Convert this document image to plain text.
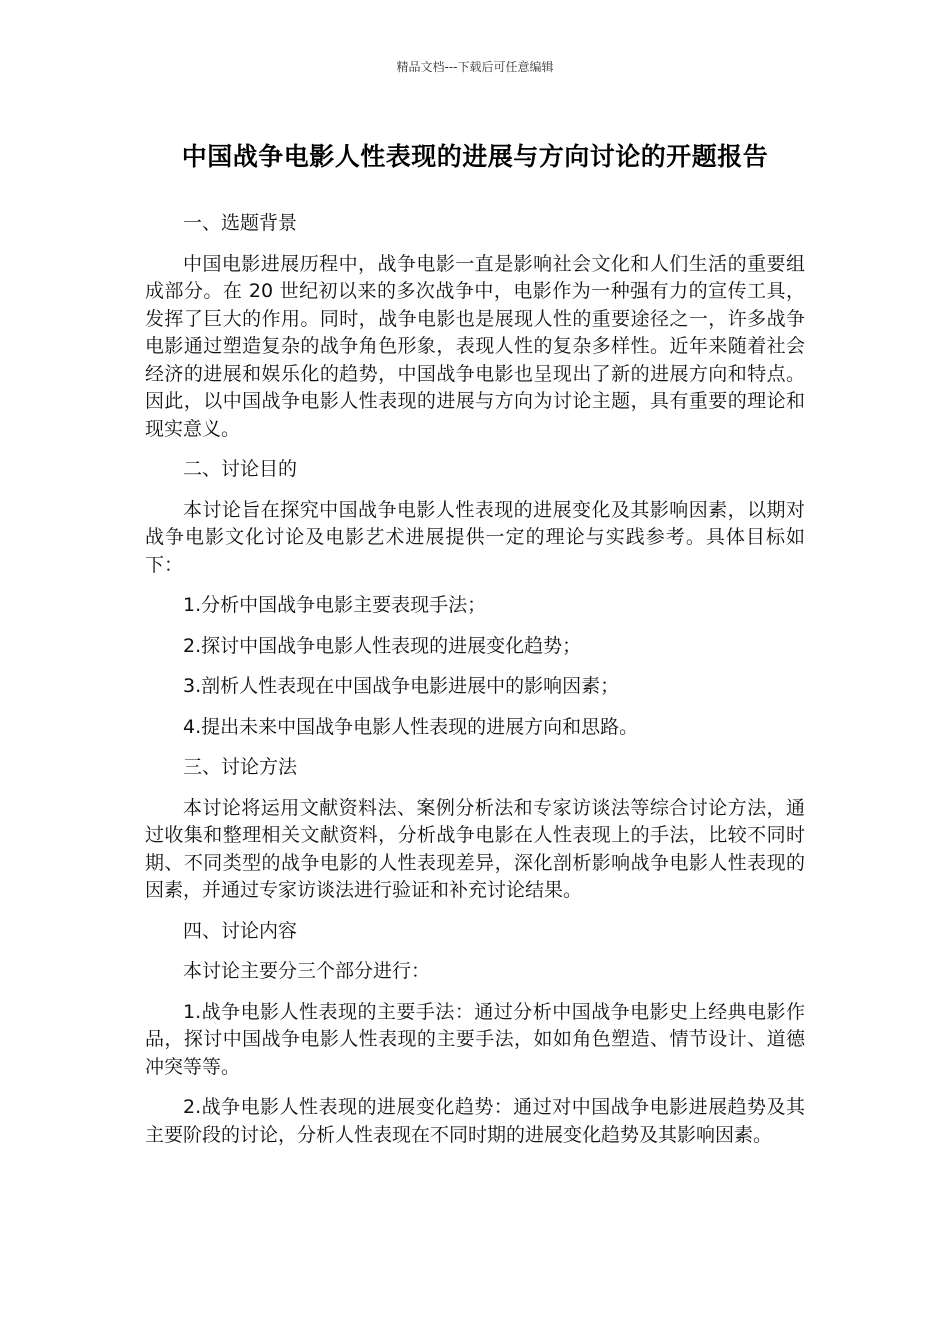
精品文档---下载后可任意编辑
中国战争电影人性表现的进展与方向讨论的开题报告

一、选题背景

中国电影进展历程中，战争电影一直是影响社会文化和人们生活的重要组成部分。在 20 世纪初以来的多次战争中，电影作为一种强有力的宣传工具，发挥了巨大的作用。同时，战争电影也是展现人性的重要途径之一，许多战争电影通过塑造复杂的战争角色形象，表现人性的复杂多样性。近年来随着社会经济的进展和娱乐化的趋势，中国战争电影也呈现出了新的进展方向和特点。因此，以中国战争电影人性表现的进展与方向为讨论主题，具有重要的理论和现实意义。

二、讨论目的

本讨论旨在探究中国战争电影人性表现的进展变化及其影响因素，以期对战争电影文化讨论及电影艺术进展提供一定的理论与实践参考。具体目标如下：

1.分析中国战争电影主要表现手法；

2.探讨中国战争电影人性表现的进展变化趋势；

3.剖析人性表现在中国战争电影进展中的影响因素；

4.提出未来中国战争电影人性表现的进展方向和思路。

三、讨论方法

本讨论将运用文献资料法、案例分析法和专家访谈法等综合讨论方法，通过收集和整理相关文献资料，分析战争电影在人性表现上的手法，比较不同时期、不同类型的战争电影的人性表现差异，深化剖析影响战争电影人性表现的因素，并通过专家访谈法进行验证和补充讨论结果。

四、讨论内容

本讨论主要分三个部分进行：

1.战争电影人性表现的主要手法：通过分析中国战争电影史上经典电影作品，探讨中国战争电影人性表现的主要手法，如如角色塑造、情节设计、道德冲突等等。

2.战争电影人性表现的进展变化趋势：通过对中国战争电影进展趋势及其主要阶段的讨论，分析人性表现在不同时期的进展变化趋势及其影响因素。
